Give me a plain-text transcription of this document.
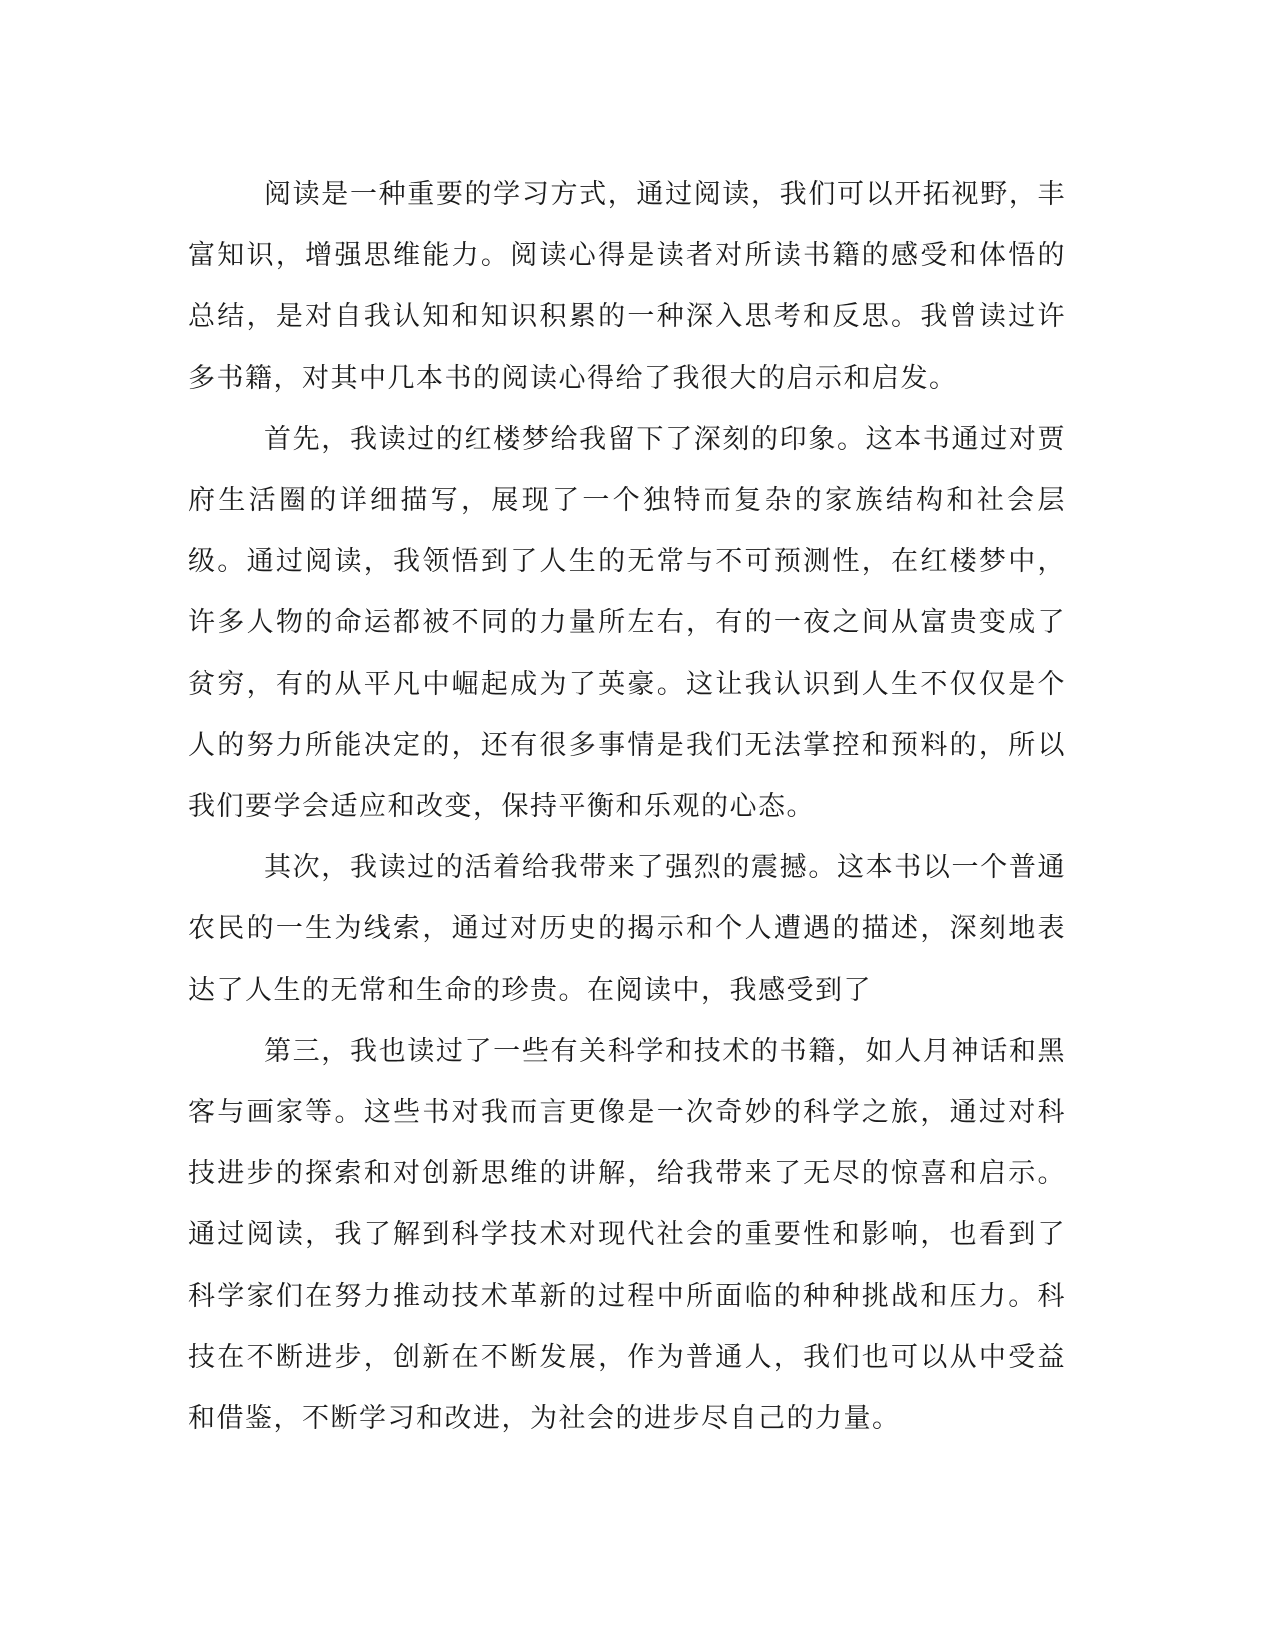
阅读是一种重要的学习方式，通过阅读，我们可以开拓视野，丰富知识，增强思维能力。阅读心得是读者对所读书籍的感受和体悟的总结，是对自我认知和知识积累的一种深入思考和反思。我曾读过许多书籍，对其中几本书的阅读心得给了我很大的启示和启发。

首先，我读过的红楼梦给我留下了深刻的印象。这本书通过对贾府生活圈的详细描写，展现了一个独特而复杂的家族结构和社会层级。通过阅读，我领悟到了人生的无常与不可预测性，在红楼梦中，许多人物的命运都被不同的力量所左右，有的一夜之间从富贵变成了贫穷，有的从平凡中崛起成为了英豪。这让我认识到人生不仅仅是个人的努力所能决定的，还有很多事情是我们无法掌控和预料的，所以我们要学会适应和改变，保持平衡和乐观的心态。

其次，我读过的活着给我带来了强烈的震撼。这本书以一个普通农民的一生为线索，通过对历史的揭示和个人遭遇的描述，深刻地表达了人生的无常和生命的珍贵。在阅读中，我感受到了

第三，我也读过了一些有关科学和技术的书籍，如人月神话和黑客与画家等。这些书对我而言更像是一次奇妙的科学之旅，通过对科技进步的探索和对创新思维的讲解，给我带来了无尽的惊喜和启示。通过阅读，我了解到科学技术对现代社会的重要性和影响，也看到了科学家们在努力推动技术革新的过程中所面临的种种挑战和压力。科技在不断进步，创新在不断发展，作为普通人，我们也可以从中受益和借鉴，不断学习和改进，为社会的进步尽自己的力量。
